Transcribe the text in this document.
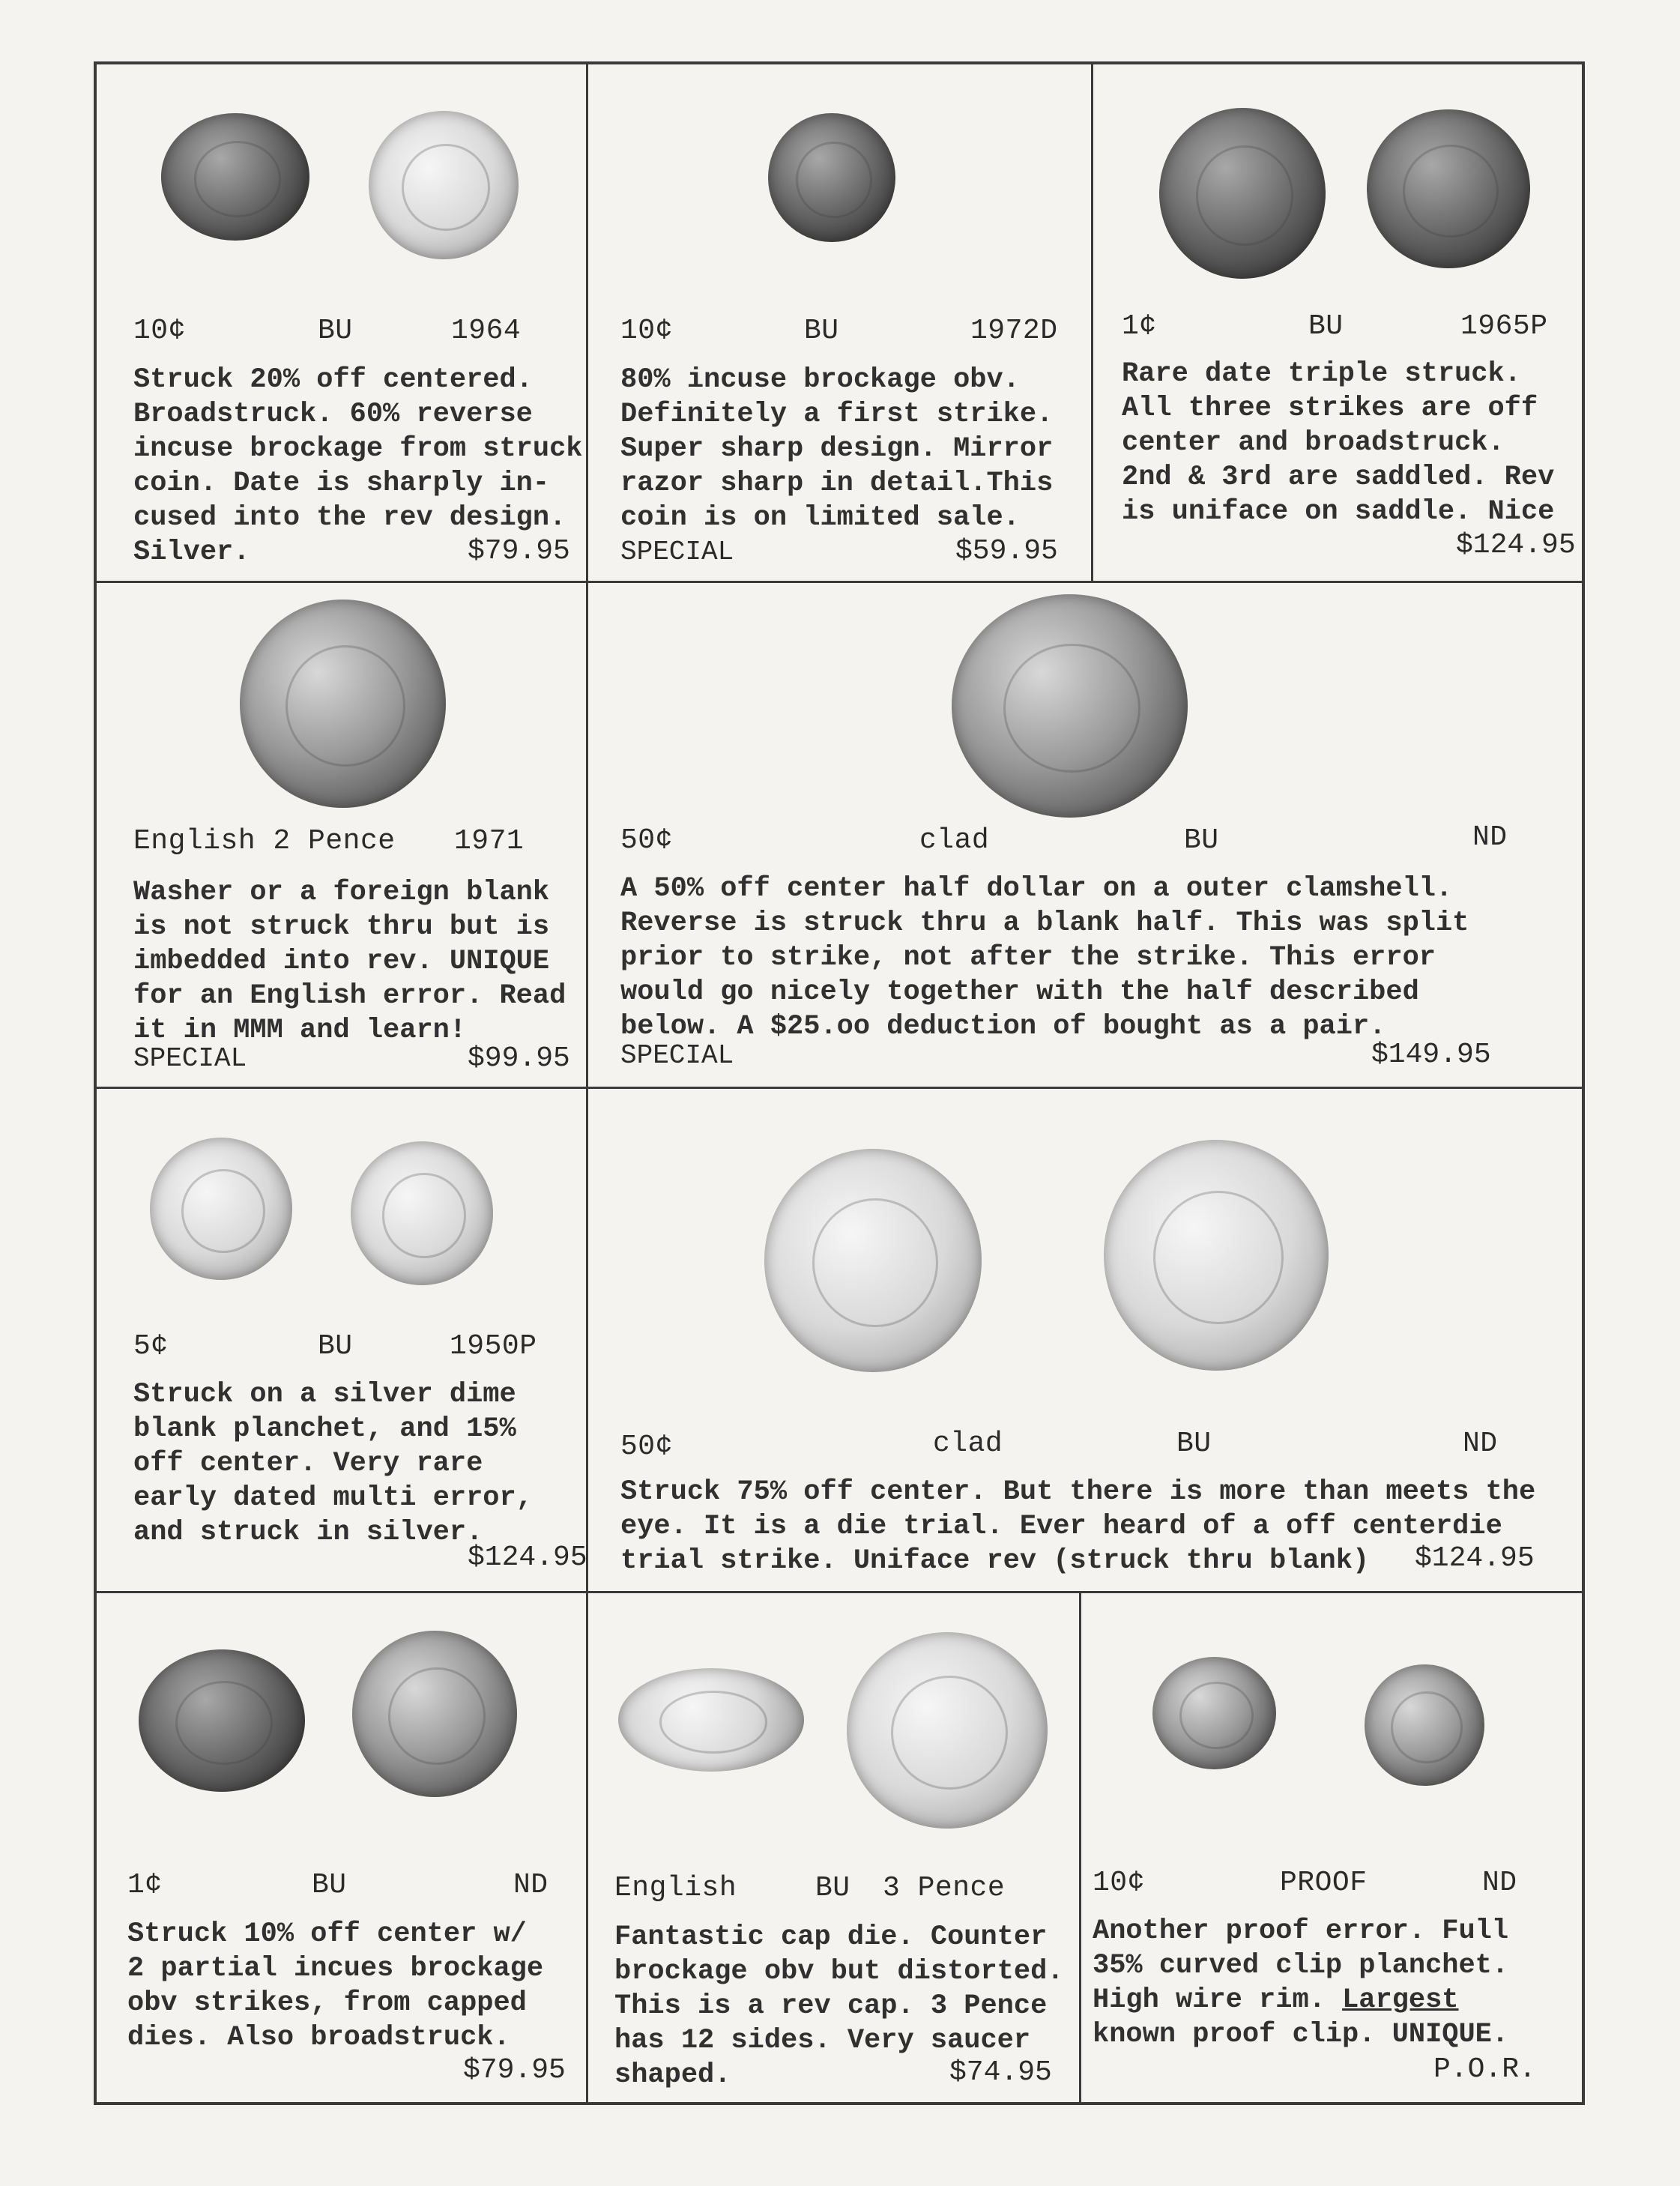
10¢	BU	1964
Struck 20% off centered.
Broadstruck. 60% reverse
incuse brockage from struck
coin. Date is sharply in-
cused into the rev design.
Silver.	$79.95
10¢	BU	1972D
80% incuse brockage obv.
Definitely a first strike.
Super sharp design. Mirror
razor sharp in detail.This
coin is on limited sale.
SPECIAL	$59.95
1¢	BU	1965P
Rare date triple struck.
All three strikes are off
center and broadstruck.
2nd & 3rd are saddled. Rev
is uniface on saddle. Nice
$124.95
English 2 Pence 1971
Washer or a foreign blank
is not struck thru but is
imbedded into rev. UNIQUE
for an English error. Read
it in MMM and learn!
SPECIAL	$99.95
50¢	clad	BU	ND
A 50% off center half dollar on a outer clamshell.
Reverse is struck thru a blank half. This was split
prior to strike, not after the strike. This error
would go nicely together with the half described
below. A $25.oo deduction of bought as a pair.
SPECIAL	$149.95
5¢	BU	1950P
Struck on a silver dime
blank planchet, and 15%
off center. Very rare
early dated multi error,
and struck in silver.
$124.95
50¢	clad	BU	ND
Struck 75% off center. But there is more than meets the
eye. It is a die trial. Ever heard of a off centerdie
trial strike. Uniface rev (struck thru blank)	$124.95
1¢	BU	ND
Struck 10% off center w/
2 partial incues brockage
obv strikes, from capped
dies. Also broadstruck.
$79.95
English	BU 3 Pence
Fantastic cap die. Counter
brockage obv but distorted.
This is a rev cap. 3 Pence
has 12 sides. Very saucer
shaped.	$74.95
10¢	PROOF	ND
Another proof error. Full
35% curved clip planchet.
High wire rim. Largest
known proof clip. UNIQUE.
P.O.R.
